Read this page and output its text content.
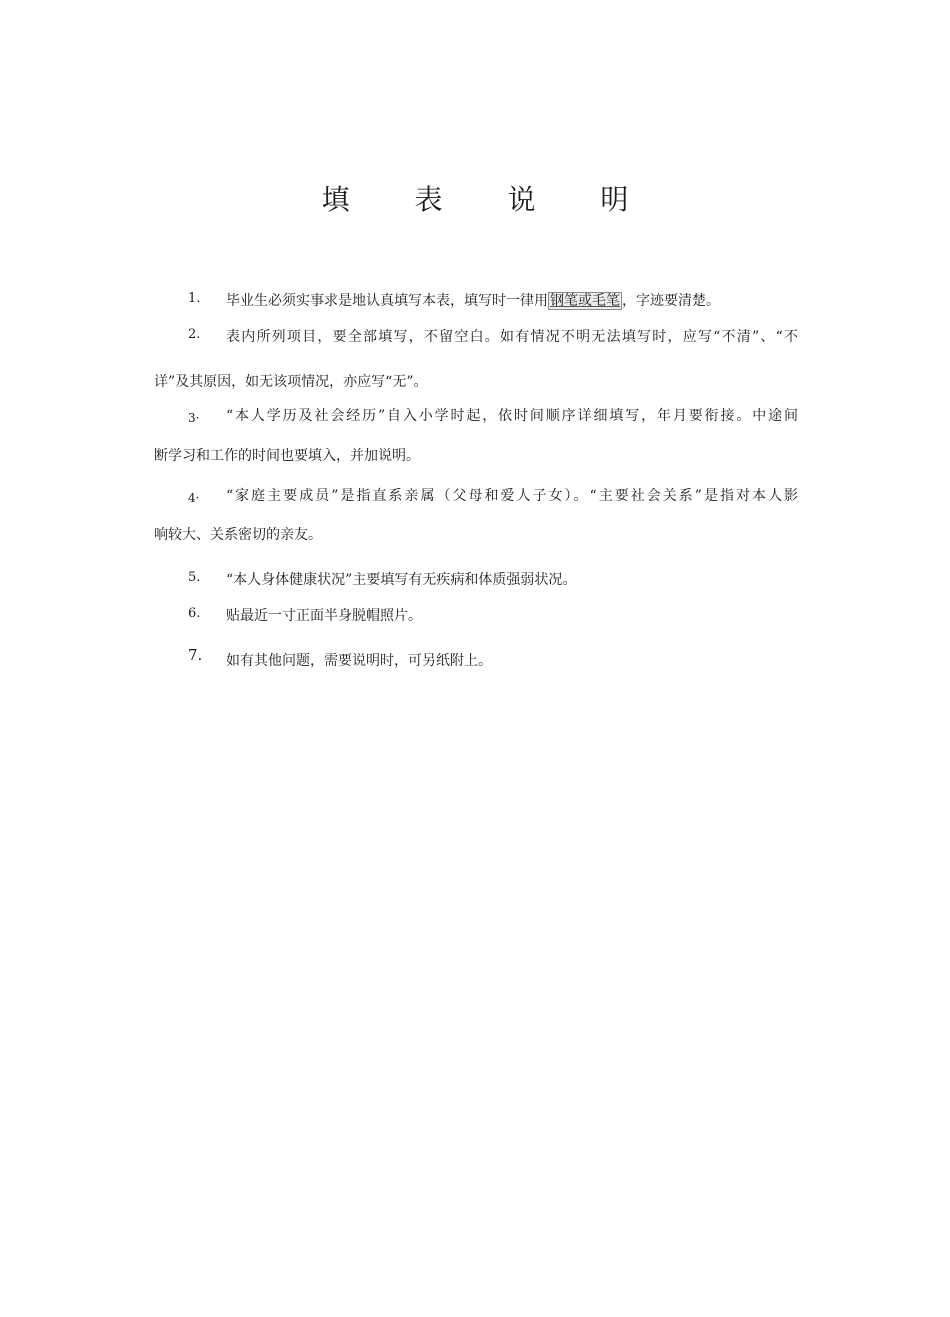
填 表 说 明
1. 毕业生必须实事求是地认真填写本表，填写时一律用 钢笔或毛笔 ，字迹要清楚。
2. 表内所列项目，要全部填写，不留空白。如有情况不明无法填写时，应写“不清”、“不
详”及其原因，如无该项情况，亦应写“无”。
3· “本人学历及社会经历”自入小学时起，依时间顺序详细填写，年月要衔接。中途间
断学习和工作的时间也要填入，并加说明。
4· “家庭主要成员”是指直系亲属（父母和爱人子女）。“主要社会关系”是指对本人影
响较大、关系密切的亲友。
5. “本人身体健康状况”主要填写有无疾病和体质强弱状况。
6. 贴最近一寸正面半身脱帽照片。
7. 如有其他问题，需要说明时，可另纸附上。
